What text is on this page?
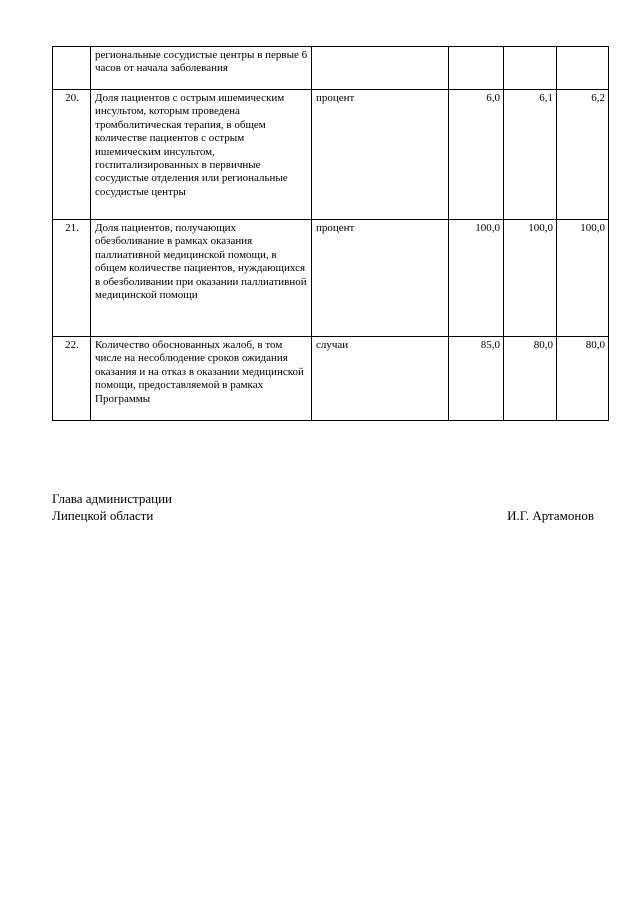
	региональные сосудистые центры в первые 6 часов от начала заболевания				
20.	Доля пациентов с острым ишемическим инсультом, которым проведена тромболитическая терапия, в общем количестве пациентов с острым ишемическим инсультом, госпитализированных в первичные сосудистые отделения или региональные сосудистые центры	процент	6,0	6,1	6,2
21.	Доля пациентов, получающих обезболивание в рамках оказания паллиативной медицинской помощи, в общем количестве пациентов, нуждающихся в обезболивании при оказании паллиативной медицинской помощи	процент	100,0	100,0	100,0
22.	Количество обоснованных жалоб, в том числе на несоблюдение сроков ожидания оказания и на отказ в оказании медицинской помощи, предоставляемой в рамках Программы	случаи	85,0	80,0	80,0
Глава администрации
Липецкой области	И.Г. Артамонов
